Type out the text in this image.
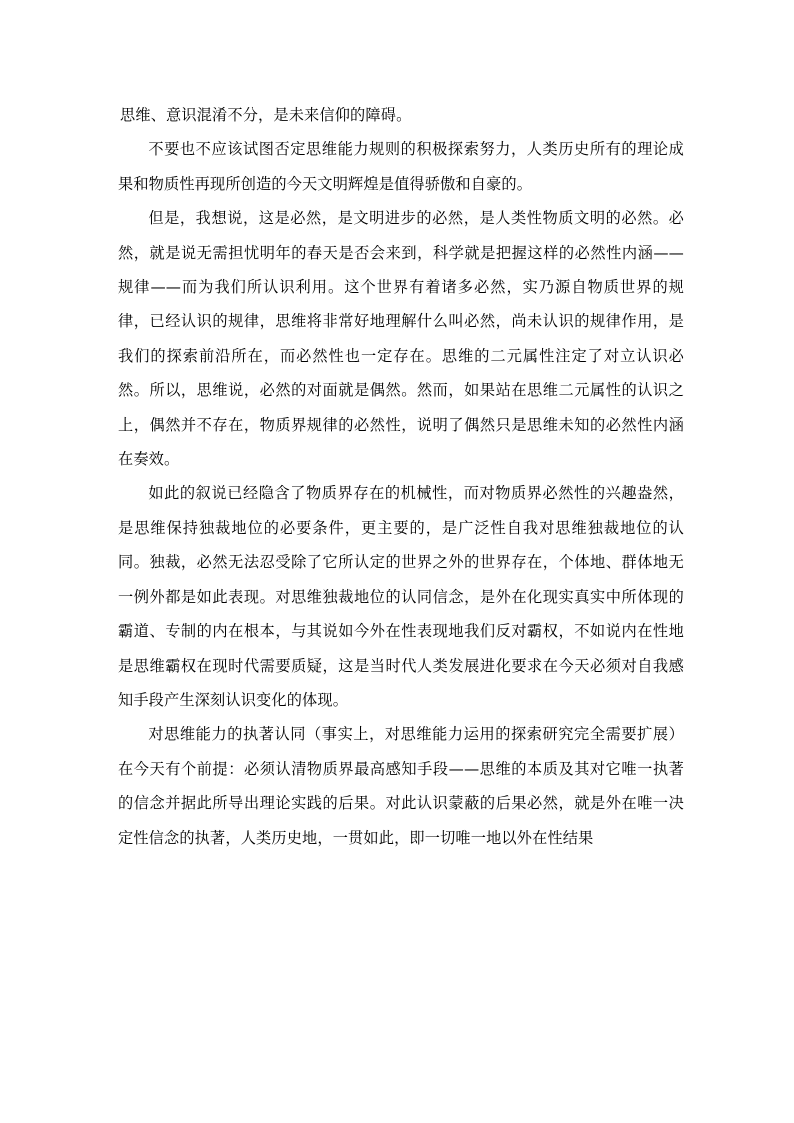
思维、意识混淆不分，是未来信仰的障碍。

不要也不应该试图否定思维能力规则的积极探索努力，人类历史所有的理论成果和物质性再现所创造的今天文明辉煌是值得骄傲和自豪的。

但是，我想说，这是必然，是文明进步的必然，是人类性物质文明的必然。必然，就是说无需担忧明年的春天是否会来到，科学就是把握这样的必然性内涵——规律——而为我们所认识利用。这个世界有着诸多必然，实乃源自物质世界的规律，已经认识的规律，思维将非常好地理解什么叫必然，尚未认识的规律作用，是我们的探索前沿所在，而必然性也一定存在。思维的二元属性注定了对立认识必然。所以，思维说，必然的对面就是偶然。然而，如果站在思维二元属性的认识之上，偶然并不存在，物质界规律的必然性，说明了偶然只是思维未知的必然性内涵在奏效。

如此的叙说已经隐含了物质界存在的机械性，而对物质界必然性的兴趣盎然，是思维保持独裁地位的必要条件，更主要的，是广泛性自我对思维独裁地位的认同。独裁，必然无法忍受除了它所认定的世界之外的世界存在，个体地、群体地无一例外都是如此表现。对思维独裁地位的认同信念，是外在化现实真实中所体现的霸道、专制的内在根本，与其说如今外在性表现地我们反对霸权，不如说内在性地是思维霸权在现时代需要质疑，这是当时代人类发展进化要求在今天必须对自我感知手段产生深刻认识变化的体现。

对思维能力的执著认同（事实上，对思维能力运用的探索研究完全需要扩展）在今天有个前提：必须认清物质界最高感知手段——思维的本质及其对它唯一执著的信念并据此所导出理论实践的后果。对此认识蒙蔽的后果必然，就是外在唯一决定性信念的执著，人类历史地，一贯如此，即一切唯一地以外在性结果
